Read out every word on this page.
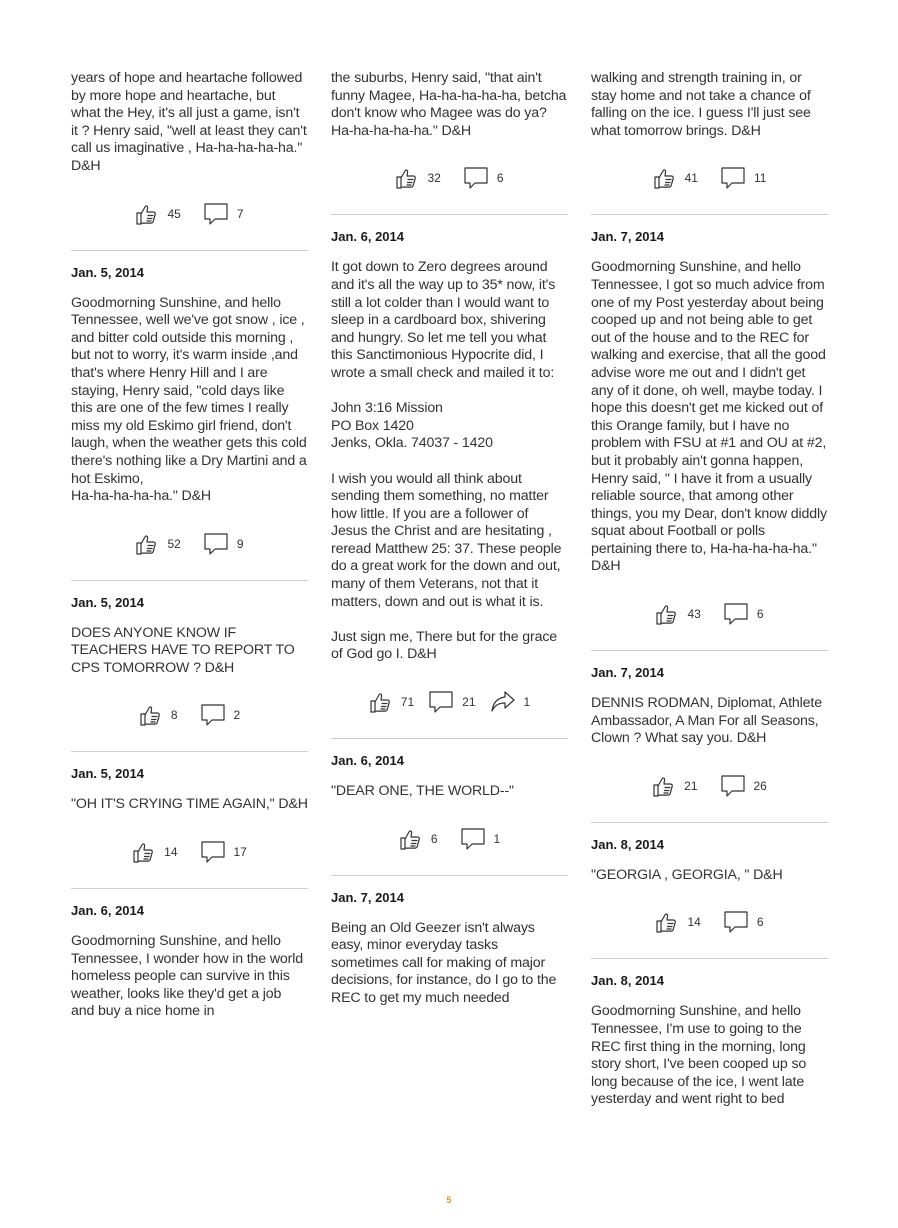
years of hope and heartache followed by more hope and heartache, but what the Hey, it's all just a game, isn't it ? Henry said, "well at least they can't call us imaginative , Ha-ha-ha-ha-ha." D&H
45	7
Jan. 5, 2014
Goodmorning Sunshine, and hello Tennessee, well we've got snow , ice , and bitter cold outside this morning , but not to worry, it's warm inside ,and that's where Henry Hill and I are staying, Henry said, "cold days like this are one of the few times I really miss my old Eskimo girl friend, don't laugh, when the weather gets this cold there's nothing like a Dry Martini and a hot Eskimo,
Ha-ha-ha-ha-ha." D&H
52	9
Jan. 5, 2014
DOES ANYONE KNOW IF TEACHERS HAVE TO REPORT TO CPS TOMORROW ? D&H
8	2
Jan. 5, 2014
"OH IT'S CRYING TIME AGAIN," D&H
14	17
Jan. 6, 2014
Goodmorning Sunshine, and hello Tennessee, I wonder how in the world homeless people can survive in this weather, looks like they'd get a job and buy a nice home in
the suburbs, Henry said, "that ain't funny Magee, Ha-ha-ha-ha-ha, betcha don't know who Magee was do ya? Ha-ha-ha-ha-ha." D&H
32	6
Jan. 6, 2014
It got down to Zero degrees around and it's all the way up to 35* now, it's still a lot colder than I would want to sleep in a cardboard box, shivering and hungry. So let me tell you what this Sanctimonious Hypocrite did, I wrote a small check and mailed it to:

John 3:16 Mission
PO Box 1420
Jenks, Okla. 74037 - 1420

I wish you would all think about sending them something, no matter how little. If you are a follower of Jesus the Christ and are hesitating , reread Matthew 25: 37. These people do a great work for the down and out, many of them Veterans, not that it matters, down and out is what it is.

Just sign me, There but for the grace of God go I. D&H
71	21	1
Jan. 6, 2014
"DEAR ONE, THE WORLD--"
6	1
Jan. 7, 2014
Being an Old Geezer isn't always easy, minor everyday tasks sometimes call for making of major decisions, for instance, do I go to the REC to get my much needed
walking and strength training in, or stay home and not take a chance of falling on the ice. I guess I'll just see what tomorrow brings. D&H
41	11
Jan. 7, 2014
Goodmorning Sunshine, and hello Tennessee, I got so much advice from one of my Post yesterday about being cooped up and not being able to get out of the house and to the REC for walking and exercise, that all the good advise wore me out and I didn't get any of it done, oh well, maybe today. I hope this doesn't get me kicked out of this Orange family, but I have no problem with FSU at #1 and OU at #2, but it probably ain't gonna happen, Henry said, " I have it from a usually reliable source, that among other things, you my Dear, don't know diddly squat about Football or polls pertaining there to, Ha-ha-ha-ha-ha." D&H
43	6
Jan. 7, 2014
DENNIS RODMAN, Diplomat, Athlete Ambassador, A Man For all Seasons, Clown ? What say you. D&H
21	26
Jan. 8, 2014
"GEORGIA , GEORGIA, " D&H
14	6
Jan. 8, 2014
Goodmorning Sunshine, and hello Tennessee, I'm use to going to the REC first thing in the morning, long story short, I've been cooped up so long because of the ice, I went late yesterday and went right to bed
5
